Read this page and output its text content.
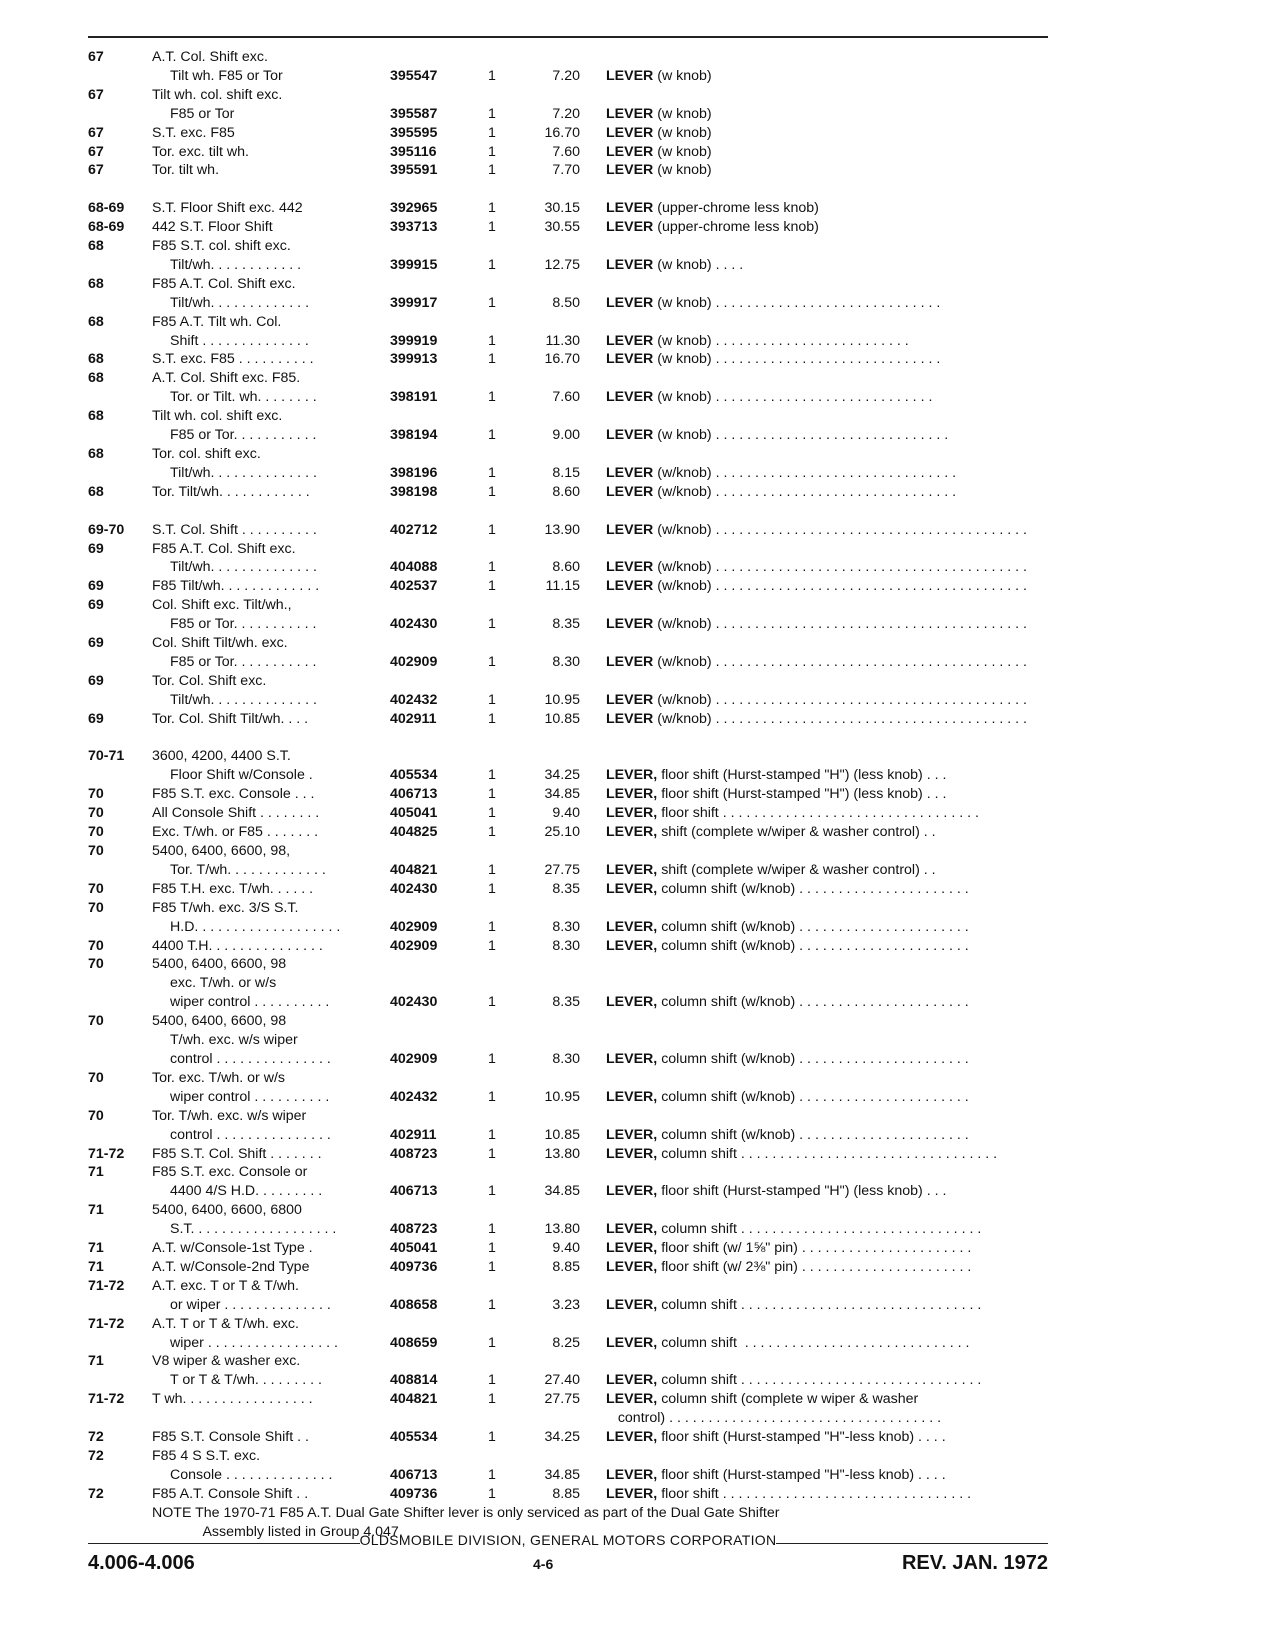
67	A.T. Col. Shift exc.
Tilt wh. F85 or Tor	395547	1	7.20	LEVER (w knob)
67	Tilt wh. col. shift exc.
F85 or Tor	395587	1	7.20	LEVER (w knob)
67	S.T. exc. F85	395595	1	16.70	LEVER (w knob)
67	Tor. exc. tilt wh.	395116	1	7.60	LEVER (w knob)
67	Tor. tilt wh.	395591	1	7.70	LEVER (w knob)
68-69	S.T. Floor Shift exc. 442	392965	1	30.15	LEVER (upper-chrome less knob)
68-69	442 S.T. Floor Shift	393713	1	30.55	LEVER (upper-chrome less knob)
68	F85 S.T. col. shift exc.
Tilt/wh. . . . . . . . . . . .	399915	1	12.75	LEVER (w knob) . . . .
68	F85 A.T. Col. Shift exc.
Tilt/wh. . . . . . . . . . . . .	399917	1	8.50	LEVER (w knob) . . . . . . . . . . . . . . . . . . . . . . . . . . . . .
68	F85 A.T. Tilt wh. Col.
Shift . . . . . . . . . . . . . .	399919	1	11.30	LEVER (w knob) . . . . . . . . . . . . . . . . . . . . . . . . .
68	S.T. exc. F85 . . . . . . . . . .	399913	1	16.70	LEVER (w knob) . . . . . . . . . . . . . . . . . . . . . . . . . . . . .
68	A.T. Col. Shift exc. F85.
Tor. or Tilt. wh. . . . . . . .	398191	1	7.60	LEVER (w knob) . . . . . . . . . . . . . . . . . . . . . . . . . . . .
68	Tilt wh. col. shift exc.
F85 or Tor. . . . . . . . . . .	398194	1	9.00	LEVER (w knob) . . . . . . . . . . . . . . . . . . . . . . . . . . . . . .
68	Tor. col. shift exc.
Tilt/wh. . . . . . . . . . . . . .	398196	1	8.15	LEVER (w/knob) . . . . . . . . . . . . . . . . . . . . . . . . . . . . . . .
68	Tor. Tilt/wh. . . . . . . . . . . .	398198	1	8.60	LEVER (w/knob) . . . . . . . . . . . . . . . . . . . . . . . . . . . . . . .
69-70	S.T. Col. Shift . . . . . . . . . .	402712	1	13.90	LEVER (w/knob) . . . . . . . . . . . . . . . . . . . . . . . . . . . . . . . . . . . . . . . .
69	F85 A.T. Col. Shift exc.
Tilt/wh. . . . . . . . . . . . . .	404088	1	8.60	LEVER (w/knob) . . . . . . . . . . . . . . . . . . . . . . . . . . . . . . . . . . . . . . . .
69	F85 Tilt/wh. . . . . . . . . . . . .	402537	1	11.15	LEVER (w/knob) . . . . . . . . . . . . . . . . . . . . . . . . . . . . . . . . . . . . . . . .
69	Col. Shift exc. Tilt/wh.,
F85 or Tor. . . . . . . . . . .	402430	1	8.35	LEVER (w/knob) . . . . . . . . . . . . . . . . . . . . . . . . . . . . . . . . . . . . . . . .
69	Col. Shift Tilt/wh. exc.
F85 or Tor. . . . . . . . . . .	402909	1	8.30	LEVER (w/knob) . . . . . . . . . . . . . . . . . . . . . . . . . . . . . . . . . . . . . . . .
69	Tor. Col. Shift exc.
Tilt/wh. . . . . . . . . . . . . .	402432	1	10.95	LEVER (w/knob) . . . . . . . . . . . . . . . . . . . . . . . . . . . . . . . . . . . . . . . .
69	Tor. Col. Shift Tilt/wh. . . .	402911	1	10.85	LEVER (w/knob) . . . . . . . . . . . . . . . . . . . . . . . . . . . . . . . . . . . . . . . .
70-71	3600, 4200, 4400 S.T.
Floor Shift w/Console .	405534	1	34.25	LEVER, floor shift (Hurst-stamped "H") (less knob) . . .
70	F85 S.T. exc. Console . . .	406713	1	34.85	LEVER, floor shift (Hurst-stamped "H") (less knob) . . .
70	All Console Shift . . . . . . . .	405041	1	9.40	LEVER, floor shift . . . . . . . . . . . . . . . . . . . . . . . . . . . . . . . . .
70	Exc. T/wh. or F85 . . . . . . .	404825	1	25.10	LEVER, shift (complete w/wiper & washer control) . .
70	5400, 6400, 6600, 98,
Tor. T/wh. . . . . . . . . . . . .	404821	1	27.75	LEVER, shift (complete w/wiper & washer control) . .
70	F85 T.H. exc. T/wh. . . . . .	402430	1	8.35	LEVER, column shift (w/knob) . . . . . . . . . . . . . . . . . . . . . .
70	F85 T/wh. exc. 3/S S.T.
H.D. . . . . . . . . . . . . . . . . . .	402909	1	8.30	LEVER, column shift (w/knob) . . . . . . . . . . . . . . . . . . . . . .
70	4400 T.H. . . . . . . . . . . . . . .	402909	1	8.30	LEVER, column shift (w/knob) . . . . . . . . . . . . . . . . . . . . . .
70	5400, 6400, 6600, 98
exc. T/wh. or w/s
wiper control . . . . . . . . . .	402430	1	8.35	LEVER, column shift (w/knob) . . . . . . . . . . . . . . . . . . . . . .
70	5400, 6400, 6600, 98
T/wh. exc. w/s wiper
control . . . . . . . . . . . . . . .	402909	1	8.30	LEVER, column shift (w/knob) . . . . . . . . . . . . . . . . . . . . . .
70	Tor. exc. T/wh. or w/s
wiper control . . . . . . . . . .	402432	1	10.95	LEVER, column shift (w/knob) . . . . . . . . . . . . . . . . . . . . . .
70	Tor. T/wh. exc. w/s wiper
control . . . . . . . . . . . . . . .	402911	1	10.85	LEVER, column shift (w/knob) . . . . . . . . . . . . . . . . . . . . . .
71-72	F85 S.T. Col. Shift . . . . . . .	408723	1	13.80	LEVER, column shift . . . . . . . . . . . . . . . . . . . . . . . . . . . . . . . . .
71	F85 S.T. exc. Console or
4400 4/S H.D. . . . . . . . .	406713	1	34.85	LEVER, floor shift (Hurst-stamped "H") (less knob) . . .
71	5400, 6400, 6600, 6800
S.T. . . . . . . . . . . . . . . . . . .	408723	1	13.80	LEVER, column shift . . . . . . . . . . . . . . . . . . . . . . . . . . . . . . .
71	A.T. w/Console-1st Type .	405041	1	9.40	LEVER, floor shift (w/ 1⅝" pin) . . . . . . . . . . . . . . . . . . . . . .
71	A.T. w/Console-2nd Type	409736	1	8.85	LEVER, floor shift (w/ 2⅜" pin) . . . . . . . . . . . . . . . . . . . . . .
71-72	A.T. exc. T or T & T/wh.
or wiper . . . . . . . . . . . . . .	408658	1	3.23	LEVER, column shift . . . . . . . . . . . . . . . . . . . . . . . . . . . . . . .
71-72	A.T. T or T & T/wh. exc.
wiper . . . . . . . . . . . . . . . . .	408659	1	8.25	LEVER, column shift  . . . . . . . . . . . . . . . . . . . . . . . . . . . . .
71	V8 wiper & washer exc.
T or T & T/wh. . . . . . . . .	408814	1	27.40	LEVER, column shift . . . . . . . . . . . . . . . . . . . . . . . . . . . . . . .
71-72	T wh. . . . . . . . . . . . . . . . .	404821	1	27.75	LEVER, column shift (complete w wiper & washer
control) . . . . . . . . . . . . . . . . . . . . . . . . . . . . . . . . . . .
72	F85 S.T. Console Shift . .	405534	1	34.25	LEVER, floor shift (Hurst-stamped "H"-less knob) . . . .
72	F85 4 S S.T. exc.
Console . . . . . . . . . . . . . .	406713	1	34.85	LEVER, floor shift (Hurst-stamped "H"-less knob) . . . .
72	F85 A.T. Console Shift . .	409736	1	8.85	LEVER, floor shift . . . . . . . . . . . . . . . . . . . . . . . . . . . . . . . .
NOTE The 1970-71 F85 A.T. Dual Gate Shifter lever is only serviced as part of the Dual Gate Shifter
Assembly listed in Group 4.047.
OLDSMOBILE DIVISION, GENERAL MOTORS CORPORATION
4.006-4.006	4-6	REV. JAN. 1972
